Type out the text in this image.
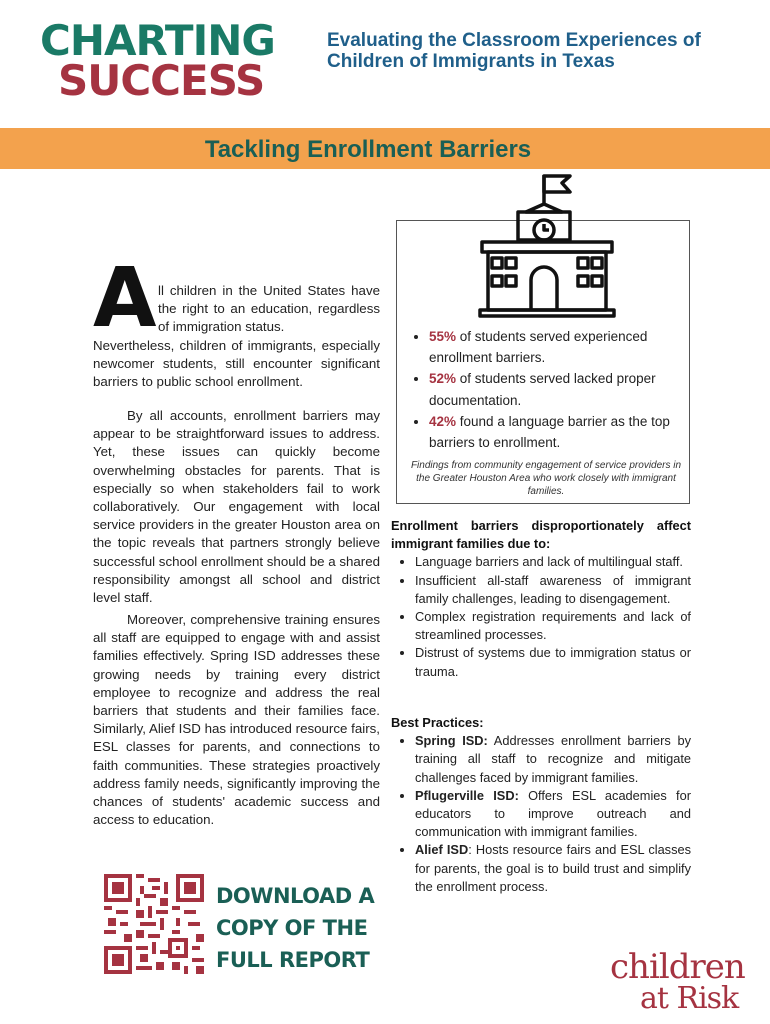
CHARTING
SUCCESS
Evaluating the Classroom Experiences of Children of Immigrants in Texas
Tackling Enrollment Barriers
A ll children in the United States have the right to an education, regardless of immigration status.
Nevertheless, children of immigrants, especially newcomer students, still encounter significant barriers to public school enrollment.
By all accounts, enrollment barriers may appear to be straightforward issues to address. Yet, these issues can quickly become overwhelming obstacles for parents. That is especially so when stakeholders fail to work collaboratively. Our engagement with local service providers in the greater Houston area on the topic reveals that partners strongly believe successful school enrollment should be a shared responsibility amongst all school and district level staff.
Moreover, comprehensive training ensures all staff are equipped to engage with and assist families effectively. Spring ISD addresses these growing needs by training every district employee to recognize and address the real barriers that students and their families face. Similarly, Alief ISD has introduced resource fairs, ESL classes for parents, and connections to faith communities. These strategies proactively address family needs, significantly improving the chances of students' academic success and access to education.
• 55% of students served experienced enrollment barriers.
• 52% of students served lacked proper documentation.
• 42% found a language barrier as the top barriers to enrollment.
Findings from community engagement of service providers in the Greater Houston Area who work closely with immigrant families.
Enrollment barriers disproportionately affect immigrant families due to:
• Language barriers and lack of multilingual staff.
• Insufficient all-staff awareness of immigrant family challenges, leading to disengagement.
• Complex registration requirements and lack of streamlined processes.
• Distrust of systems due to immigration status or trauma.
Best Practices:
• Spring ISD: Addresses enrollment barriers by training all staff to recognize and mitigate challenges faced by immigrant families.
• Pflugerville ISD: Offers ESL academies for educators to improve outreach and communication with immigrant families.
• Alief ISD: Hosts resource fairs and ESL classes for parents, the goal is to build trust and simplify the enrollment process.
DOWNLOAD A
COPY OF THE
FULL REPORT	children
at Risk
